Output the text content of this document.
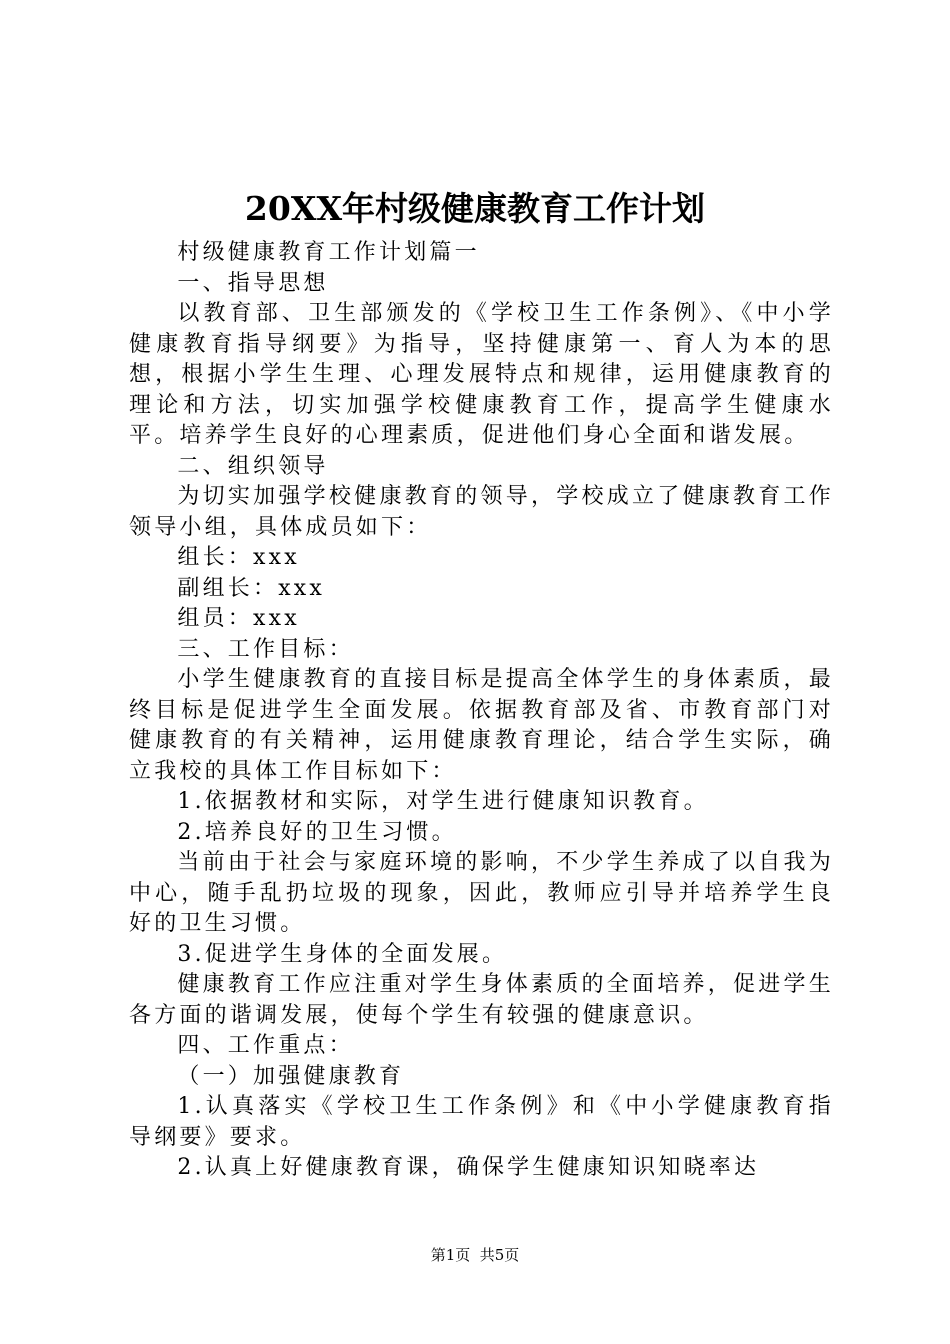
20XX年村级健康教育工作计划

村级健康教育工作计划篇一

一、指导思想

以教育部、卫生部颁发的《学校卫生工作条例》、《中小学健康教育指导纲要》为指导，坚持健康第一、育人为本的思想，根据小学生生理、心理发展特点和规律，运用健康教育的理论和方法，切实加强学校健康教育工作，提高学生健康水平。培养学生良好的心理素质，促进他们身心全面和谐发展。

二、组织领导

为切实加强学校健康教育的领导，学校成立了健康教育工作领导小组，具体成员如下：

组长：xxx

副组长：xxx

组员：xxx

三、工作目标：

小学生健康教育的直接目标是提高全体学生的身体素质，最终目标是促进学生全面发展。依据教育部及省、市教育部门对健康教育的有关精神，运用健康教育理论，结合学生实际，确立我校的具体工作目标如下：

1.依据教材和实际，对学生进行健康知识教育。

2.培养良好的卫生习惯。

当前由于社会与家庭环境的影响，不少学生养成了以自我为中心，随手乱扔垃圾的现象，因此，教师应引导并培养学生良好的卫生习惯。

3.促进学生身体的全面发展。

健康教育工作应注重对学生身体素质的全面培养，促进学生各方面的谐调发展，使每个学生有较强的健康意识。

四、工作重点：

（一）加强健康教育

1.认真落实《学校卫生工作条例》和《中小学健康教育指导纲要》要求。

2.认真上好健康教育课，确保学生健康知识知晓率达

第1页  共5页
